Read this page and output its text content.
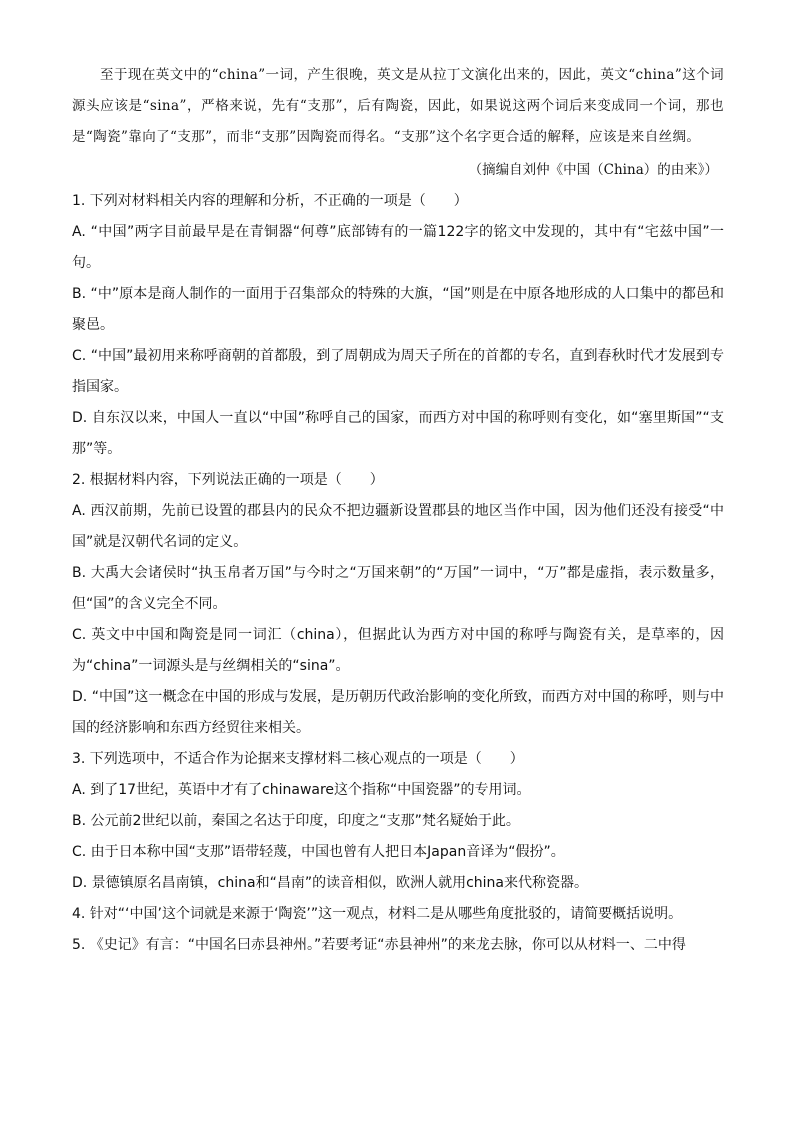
至于现在英文中的“china”一词，产生很晚，英文是从拉丁文演化出来的，因此，英文“china”这个词源头应该是“sina”，严格来说，先有“支那”，后有陶瓷，因此，如果说这两个词后来变成同一个词，那也是“陶瓷”靠向了“支那”，而非“支那”因陶瓷而得名。“支那”这个名字更合适的解释，应该是来自丝绸。

（摘编自刘仲《中国（China）的由来》）

1. 下列对材料相关内容的理解和分析，不正确的一项是（　　）

A. “中国”两字目前最早是在青铜器“何尊”底部铸有的一篇122字的铭文中发现的，其中有“宅兹中国”一句。
B. “中”原本是商人制作的一面用于召集部众的特殊的大旗，“国”则是在中原各地形成的人口集中的都邑和聚邑。
C. “中国”最初用来称呼商朝的首都殷，到了周朝成为周天子所在的首都的专名，直到春秋时代才发展到专指国家。
D. 自东汉以来，中国人一直以“中国”称呼自己的国家，而西方对中国的称呼则有变化，如“塞里斯国”“支那”等。

2. 根据材料内容，下列说法正确的一项是（　　）

A. 西汉前期，先前已设置的郡县内的民众不把边疆新设置郡县的地区当作中国，因为他们还没有接受“中国”就是汉朝代名词的定义。
B. 大禹大会诸侯时“执玉帛者万国”与今时之“万国来朝”的“万国”一词中，“万”都是虚指，表示数量多，但“国”的含义完全不同。
C. 英文中中国和陶瓷是同一词汇（china），但据此认为西方对中国的称呼与陶瓷有关，是草率的，因为“china”一词源头是与丝绸相关的“sina”。
D. “中国”这一概念在中国的形成与发展，是历朝历代政治影响的变化所致，而西方对中国的称呼，则与中国的经济影响和东西方经贸往来相关。

3. 下列选项中，不适合作为论据来支撑材料二核心观点的一项是（　　）

A. 到了17世纪，英语中才有了chinaware这个指称“中国瓷器”的专用词。
B. 公元前2世纪以前，秦国之名达于印度，印度之“支那”梵名疑始于此。
C. 由于日本称中国“支那”语带轻蔑，中国也曾有人把日本Japan音译为“假扮”。
D. 景德镇原名昌南镇，china和“昌南”的读音相似，欧洲人就用china来代称瓷器。

4. 针对“‘中国’这个词就是来源于‘陶瓷’”这一观点，材料二是从哪些角度批驳的，请简要概括说明。

5. 《史记》有言：“中国名曰赤县神州。”若要考证“赤县神州”的来龙去脉，你可以从材料一、二中得
